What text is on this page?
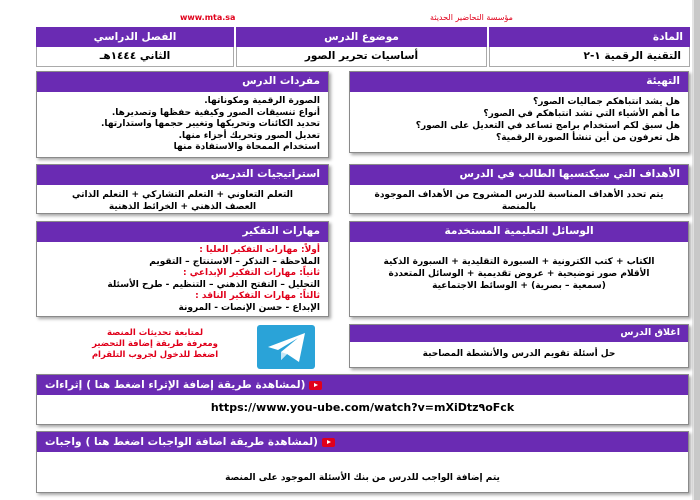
www.mta.sa	مؤسسة التحاضير الحديثة
المادة
موضوع الدرس
الفصل الدراسي
التقنية الرقمية ١-٢
أساسيات تحرير الصور
الثاني ١٤٤٤هـ
التهيئة
هل يشد انتباهكم جماليات الصور؟
ما أهم الأشياء التي تشد انتباهكم في الصور؟
هل سبق لكم استخدام برامج تساعد في التعديل على الصور؟
هل تعرفون من أين تنشأ الصورة الرقمية؟
مفردات الدرس
الصورة الرقمية ومكوناتها.
أنواع تنسيقات الصور وكيفية حفظها وتصديرها.
تحديد الكائنات وتحريكها وتغيير حجمها واستدارتها.
تعديل الصور وتحريك أجزاء منها.
استخدام الممحاة والاستفادة منها
الأهداف التي سيكتسبها الطالب في الدرس
يتم تحدد الأهداف المناسبة للدرس المشروح من الأهداف الموجودة
بالمنصة
استراتيجيات التدريس
التعلم التعاوني + التعلم التشاركي + التعلم الذاتي
العصف الذهني + الخرائط الذهنية
الوسائل التعليمية المستخدمة
الكتاب + كتب الكترونية + السبورة التقليدية + السبورة الذكية
الأقلام صور توضيحية + عروض تقديمية + الوسائل المتعددة
(سمعية – بصرية) + الوسائط الاجتماعية
مهارات التفكير
أولاً: مهارات التفكير العليا :
الملاحظة – التذكر – الاستنتاج – التقويم
ثانياً: مهارات التفكير الإبداعي :
التحليل – التفتح الذهني – التنظيم - طرح الأسئلة
ثالثاً: مهارات التفكير الناقد :
الإبداع - حسن الإنصات - المرونة
لمتابعة تحديثات المنصة
ومعرفة طريقة إضافة التحضير
اضغط للدخول لجروب التلقرام
اغلاق الدرس
حل أسئلة تقويم الدرس والأنشطة المصاحبة
إثراءات (لمشاهدة طريقة إضافة الإثراء اضغط هنا )
https://www.you-ube.com/watch?v=mXiDtz٩oFck
واجبات (لمشاهدة طريقة اضافة الواجبات اضغط هنا )
يتم إضافة الواجب للدرس من بنك الأسئلة الموجود على المنصة
